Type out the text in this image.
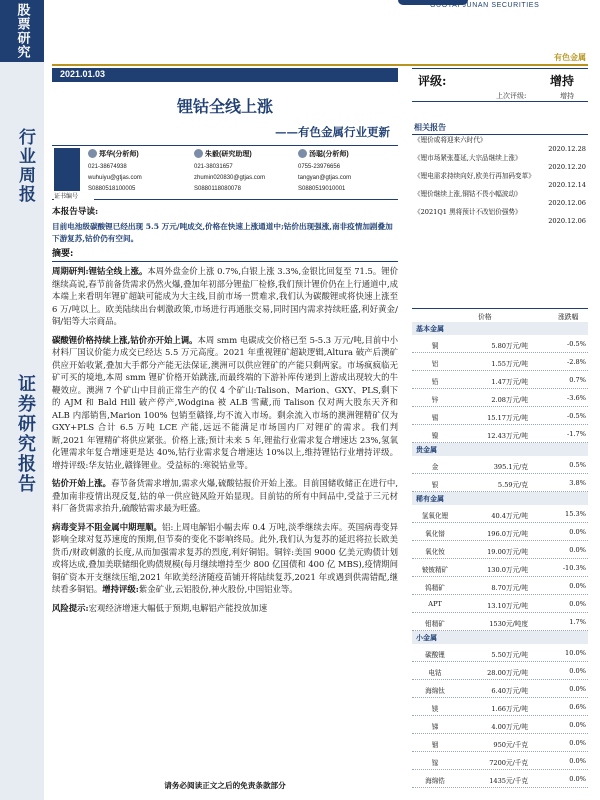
股票研究
行业周报
证券研究报告
GUOTAI JUNAN SECURITIES
有色金属
2021.01.03
锂钴全线上涨
——有色金属行业更新
证书编号
郑华(分析师)
021-38674938
wuhuiyu@gtjas.com
S0880518100005
朱毅(研究助理)
021-38031657
zhumin020830@gtjas.com
S0880118080078
汤聪(分析师)
0755-23976656
tangyan@gtjas.com
S0880519010001
本报告导读:
目前电池级碳酸锂已经出现 5.5 万元/吨成交,价格在快速上涨通道中;钴价出现强涨,南非疫情加剧叠加下游复苏,钴价仍有空间。
摘要:
周期研判:锂钴全线上涨。本周外盘金价上涨 0.7%,白银上涨 3.3%,金银比回复至 71.5。锂价继续高说,春节前备货需求仍然火爆,叠加年初部分锂盐厂检修,我们预计锂价仍在上行通道中,成本端上来看明年锂矿超缺可能成为大主线,目前市场一贯难求,我们认为碳酸锂或将快速上涨至 6 万/吨以上。欧美陆续出台刺激政策,市场进行再通胀交易,同时国内需求持续旺盛,利好黄金/铜/铝等大宗商品。
碳酸锂价格持续上涨,钴价亦开始上调。本周 smm 电碳成交价格已至 5-5.3 万元/吨,目前中小材料厂国议价能力成交已经达 5.5 万元高度。2021 年重视锂矿超缺逻辑,Altura 破产后澳矿供应开始收紧,叠加大手都分产能无法保证,澳洲可以供应锂矿的产能只剩两家。市场疯疯临无矿可买的境地,本周 smm 锂矿价格开始跳涨,而最终端的下游补库传递到上游成出现较大的牛鞭效应。澳洲 7 个矿山中目前正常生产的仅 4 个矿山:Talison、Marion、GXY、PLS,剩下的 AJM 和 Bald Hill 破产停产,Wodgina 被 ALB 雪藏,而 Talison 仅对两大股东天齐和 ALB 内部销售,Marion 100% 包销至赣锋,均不流入市场。剩余流入市场的澳洲锂精矿仅为 GXY+PLS 合计 6.5 万吨 LCE 产能,远远不能满足市场国内厂对锂矿的需求。我们判断,2021 年锂精矿将供应紧张。价格上涨;预计未来 5 年,锂盐行业需求复合增速达 23%,氢氧化锂需求年复合增速更是达 40%,钴行业需求复合增速达 10%以上,维持锂钴行业增持评级。增持评级:华友钴业,赣锋锂业。受益标的:寒锐钴业等。
钴价开始上涨。春节备货需求增加,需求火爆,硫酸钴报价开始上涨。目前国储收储正在进行中,叠加南非疫情出现反复,钴的单一供应链风险开始显现。目前钴的所有中间品中,受益于三元材料厂备货需求抬升,硫酸钴需求最为旺盛。
病毒变异不阻金属中期理顺。铝:上周电解铝小幅去库 0.4 万吨,淡季继续去库。英国病毒变异影响全球对复苏速度的预期,但节奏的变化不影响终局。此外,我们认为复苏的延迟将拉长欧美货币/财政刺激的长度,从而加强需求复苏的烈度,利好铜铝。铜锌:美国 9000 亿美元购债计划或将达成,叠加美联储细化购债规模(每月继续增持至少 800 亿国债和 400 亿 MBS),疫情期间铜矿资本开支继续压缩,2021 年欧美经济随疫苗铺开将陆续复苏,2021 年或遇到供需错配,继续看多铜铝。增持评级:紫金矿业,云铝股份,神火股份,中国铝业等。
风险提示:宏观经济增速大幅低于预期,电解铝产能投放加速
请务必阅读正文之后的免责条款部分
评级:	增持
上次评级:	增持
相关报告
《锂价或将迎来六时代》
2020.12.28
《锂市场紧张蔓延,大宗品继续上涨》
2020.12.20
《锂电需求持续向好,欧美行再加码变革》
2020.12.14
《锂价继续上涨,铜钴不畏小幅波动》
2020.12.06
《2021Q1 黑将预计不改铝价强势》
2020.12.06
价格	涨跌幅
基本金属
铜	5.80万元/吨	-0.5%
铝	1.55万元/吨	-2.8%
铅	1.47万元/吨	0.7%
锌	2.08万元/吨	-3.6%
锡	15.17万元/吨	-0.5%
镍	12.43万元/吨	-1.7%
贵金属
金	395.1元/克	0.5%
银	5.59元/克	3.8%
稀有金属
氢氧化锂	40.4万元/吨	15.3%
氧化镨	196.0万元/吨	0.0%
氧化钕	19.00万元/吨	0.0%
铍铍精矿	130.0万元/吨	-10.3%
钨精矿	8.70万元/吨	0.0%
APT	13.10万元/吨	0.0%
钼精矿	1530元/吨度	1.7%
小金属
碳酸锂	5.50万元/吨	10.0%
电钴	28.00万元/吨	0.0%
海绵钛	6.40万元/吨	0.0%
镁	1.66万元/吨	0.6%
锑	4.00万元/吨	0.0%
铟	950元/千克	0.0%
镓	7200元/千克	0.0%
海绵锆	1435元/千克	0.0%
